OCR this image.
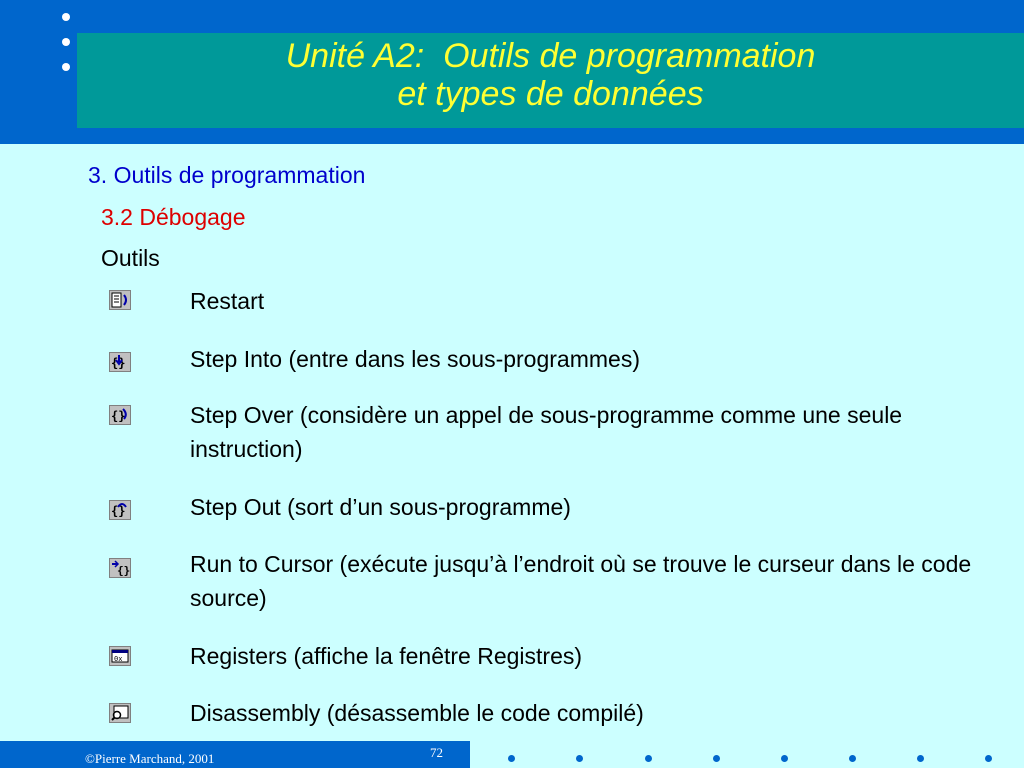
Unité A2:  Outils de programmation
et types de données
3. Outils de programmation
3.2 Débogage
Outils
Restart
{}	Step Into (entre dans les sous-programmes)
{}	Step Over (considère un appel de sous-programme comme une seule instruction)
{}	Step Out (sort d’un sous-programme)
{}	Run to Cursor (exécute jusqu’à l’endroit où se trouve le curseur dans le code source)
0x	Registers (affiche la fenêtre Registres)
Disassembly (désassemble le code compilé)
©Pierre Marchand, 2001	72
